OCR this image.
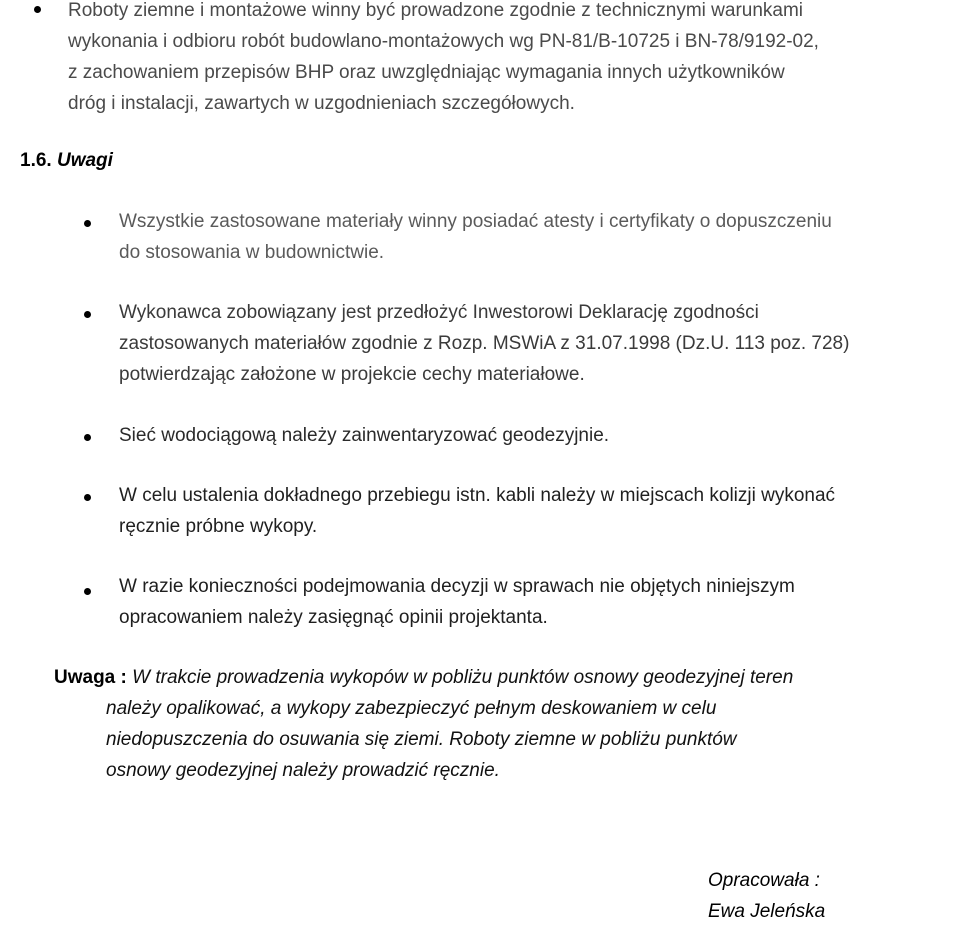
Roboty ziemne i montażowe winny być prowadzone zgodnie z technicznymi warunkami
wykonania i odbioru robót budowlano-montażowych wg PN-81/B-10725 i BN-78/9192-02,
z zachowaniem przepisów BHP oraz uwzględniając wymagania innych użytkowników
dróg i instalacji, zawartych w uzgodnieniach szczegółowych.
1.6. Uwagi
Wszystkie zastosowane materiały winny posiadać atesty i certyfikaty o dopuszczeniu
do stosowania w budownictwie.
Wykonawca zobowiązany jest przedłożyć Inwestorowi Deklarację zgodności
zastosowanych materiałów zgodnie z Rozp. MSWiA z 31.07.1998 (Dz.U. 113 poz. 728)
potwierdzając założone w projekcie cechy materiałowe.
Sieć wodociągową należy zainwentaryzować geodezyjnie.
W celu ustalenia dokładnego przebiegu istn. kabli należy w miejscach kolizji wykonać
ręcznie próbne wykopy.
W razie konieczności podejmowania decyzji w sprawach nie objętych niniejszym
opracowaniem należy zasięgnąć opinii projektanta.
Uwaga : W trakcie prowadzenia wykopów w pobliżu punktów osnowy geodezyjnej teren
należy opalikować, a wykopy zabezpieczyć pełnym deskowaniem w celu
niedopuszczenia do osuwania się ziemi. Roboty ziemne w pobliżu punktów
osnowy geodezyjnej należy prowadzić ręcznie.
Opracowała :
Ewa Jeleńska
